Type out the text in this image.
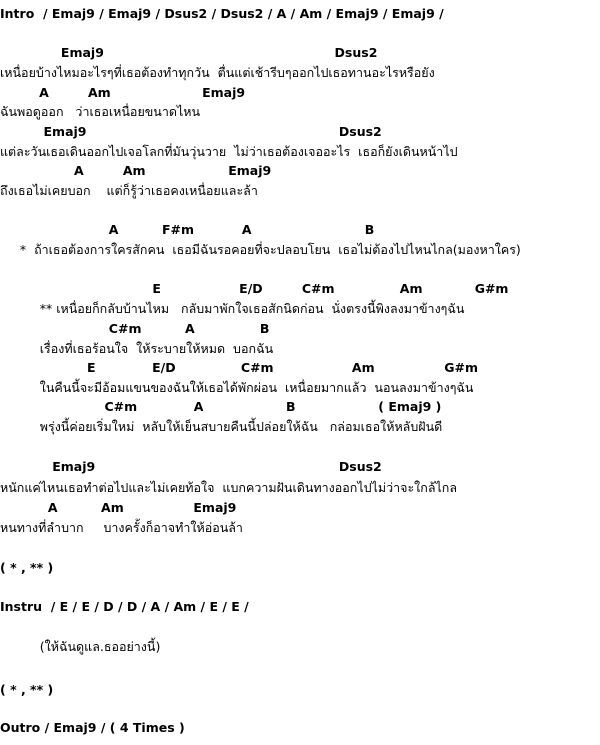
Intro  / Emaj9 / Emaj9 / Dsus2 / Dsus2 / A / Am / Emaj9 / Emaj9 /
Emaj9                                                     Dsus2
เหนื่อยบ้างไหมอะไรๆที่เธอต้องทำทุกวัน  ตื่นแต่เช้ารีบๆออกไปเธอทานอะไรหรือยัง
A         Am                     Emaj9
ฉันพอดูออก   ว่าเธอเหนื่อยขนาดไหน
Emaj9                                                          Dsus2
แต่ละวันเธอเดินออกไปเจอโลกที่มันวุ่นวาย  ไม่ว่าเธอต้องเจออะไร  เธอก็ยังเดินหน้าไป
A         Am                   Emaj9
ถึงเธอไม่เคยบอก    แต่ก็รู้ว่าเธอคงเหนื่อยและล้า
A          F#m           A                          B
*  ถ้าเธอต้องการใครสักคน  เธอมีฉันรอคอยที่จะปลอบโยน  เธอไม่ต้องไปไหนไกล(มองหาใคร)
E                  E/D         C#m               Am            G#m
** เหนื่อยก็กลับบ้านไหม   กลับมาพักใจเธอสักนิดก่อน  นั่งตรงนี้พิงลงมาข้างๆฉัน
C#m          A               B
เรื่องที่เธอร้อนใจ  ให้ระบายให้หมด  บอกฉัน
E             E/D               C#m                  Am                G#m
ในคืนนี้จะมีอ้อมแขนของฉันให้เธอได้พักผ่อน  เหนื่อยมากแล้ว  นอนลงมาข้างๆฉัน
C#m             A                   B                   ( Emaj9 )
พรุ่งนี้ค่อยเริ่มใหม่  หลับให้เย็นสบายคืนนี้ปล่อยให้ฉัน   กล่อมเธอให้หลับฝันดี
Emaj9                                                        Dsus2
หนักแค่ไหนเธอทำต่อไปและไม่เคยท้อใจ  แบกความฝันเดินทางออกไปไม่ว่าจะใกล้ไกล
A          Am                Emaj9
หนทางที่ลำบาก     บางครั้งก็อาจทำให้อ่อนล้า
( * , ** )
Instru  / E / E / D / D / A / Am / E / E /
(ให้ฉันดูแล.ธออย่างนี้)
( * , ** )
Outro / Emaj9 / ( 4 Times )
